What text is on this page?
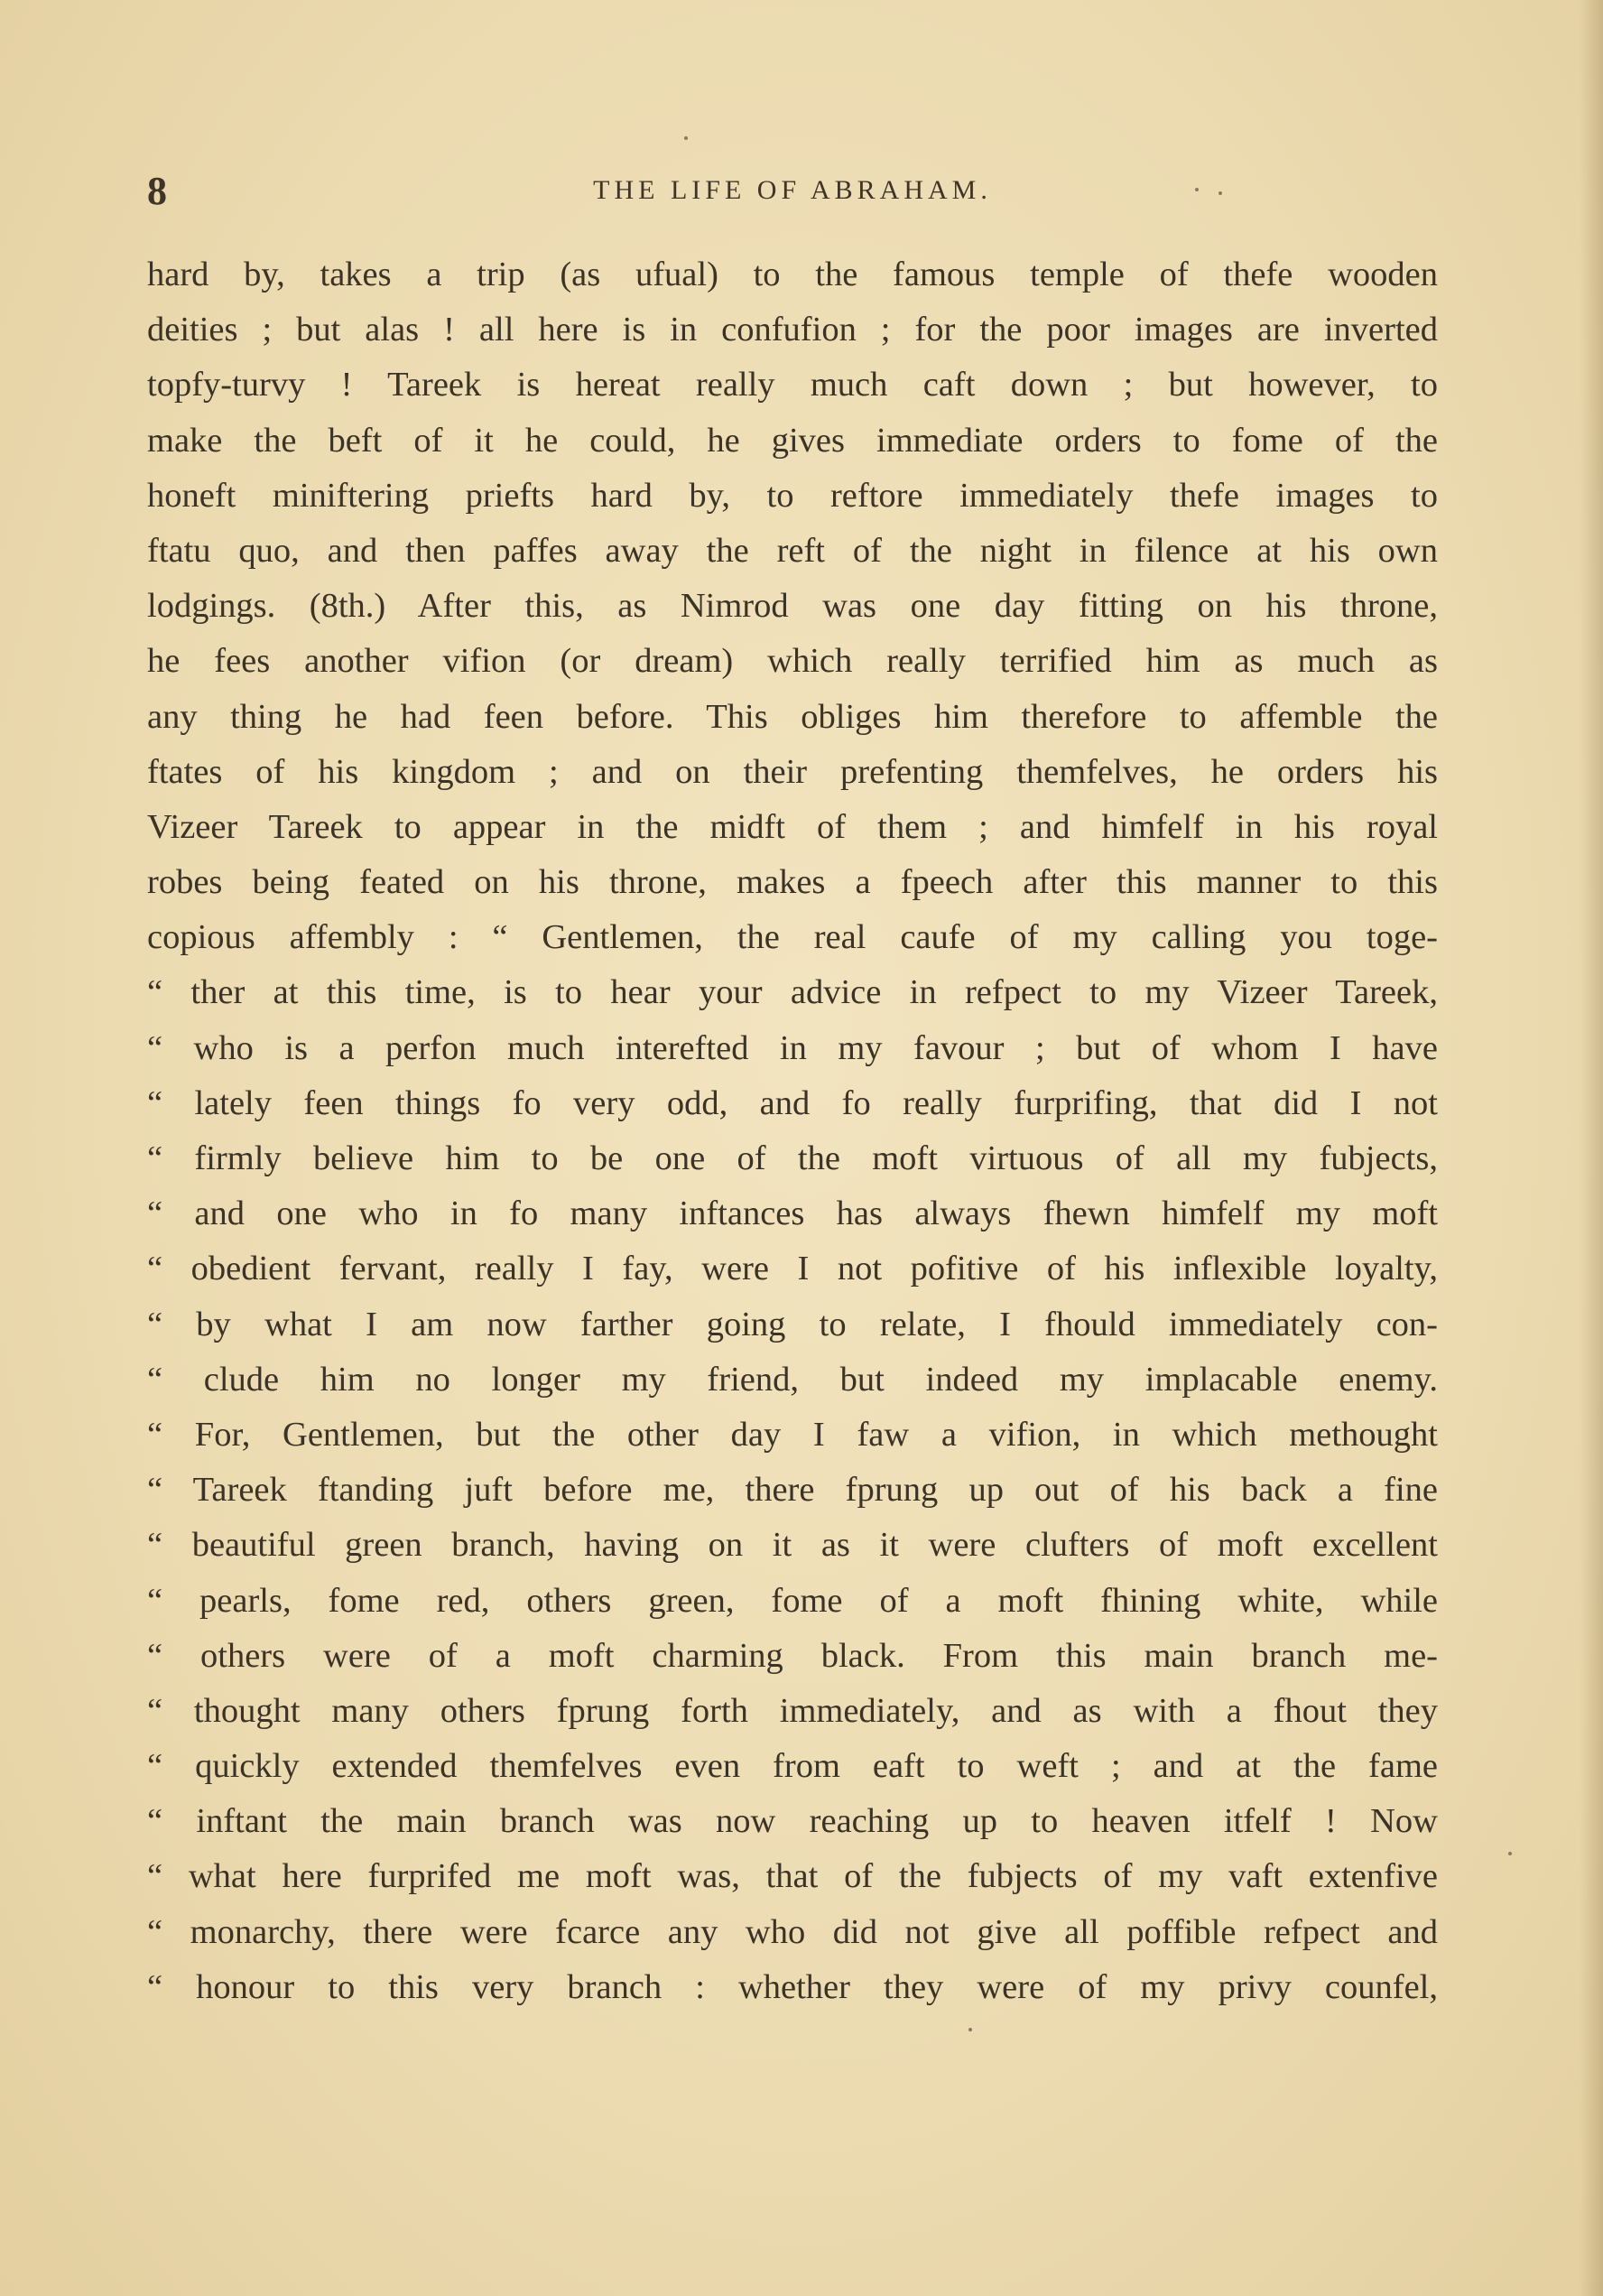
8	THE LIFE OF ABRAHAM.
hard by, takes a trip (as ufual) to the famous temple of thefe wooden
deities ; but alas ! all here is in confufion ; for the poor images are inverted
topfy-turvy ! Tareek is hereat really much caft down ; but however, to
make the beft of it he could, he gives immediate orders to fome of the
honeft miniftering priefts hard by, to reftore immediately thefe images to
ftatu quo, and then paffes away the reft of the night in filence at his own
lodgings. (8th.) After this, as Nimrod was one day fitting on his throne,
he fees another vifion (or dream) which really terrified him as much as
any thing he had feen before. This obliges him therefore to affemble the
ftates of his kingdom ; and on their prefenting themfelves, he orders his
Vizeer Tareek to appear in the midft of them ; and himfelf in his royal
robes being feated on his throne, makes a fpeech after this manner to this
copious affembly : “ Gentlemen, the real caufe of my calling you toge-
“ ther at this time, is to hear your advice in refpect to my Vizeer Tareek,
“ who is a perfon much interefted in my favour ; but of whom I have
“ lately feen things fo very odd, and fo really furprifing, that did I not
“ firmly believe him to be one of the moft virtuous of all my fubjects,
“ and one who in fo many inftances has always fhewn himfelf my moft
“ obedient fervant, really I fay, were I not pofitive of his inflexible loyalty,
“ by what I am now farther going to relate, I fhould immediately con-
“ clude him no longer my friend, but indeed my implacable enemy.
“ For, Gentlemen, but the other day I faw a vifion, in which methought
“ Tareek ftanding juft before me, there fprung up out of his back a fine
“ beautiful green branch, having on it as it were clufters of moft excellent
“ pearls, fome red, others green, fome of a moft fhining white, while
“ others were of a moft charming black. From this main branch me-
“ thought many others fprung forth immediately, and as with a fhout they
“ quickly extended themfelves even from eaft to weft ; and at the fame
“ inftant the main branch was now reaching up to heaven itfelf ! Now
“ what here furprifed me moft was, that of the fubjects of my vaft extenfive
“ monarchy, there were fcarce any who did not give all poffible refpect and
“ honour to this very branch : whether they were of my privy counfel,
